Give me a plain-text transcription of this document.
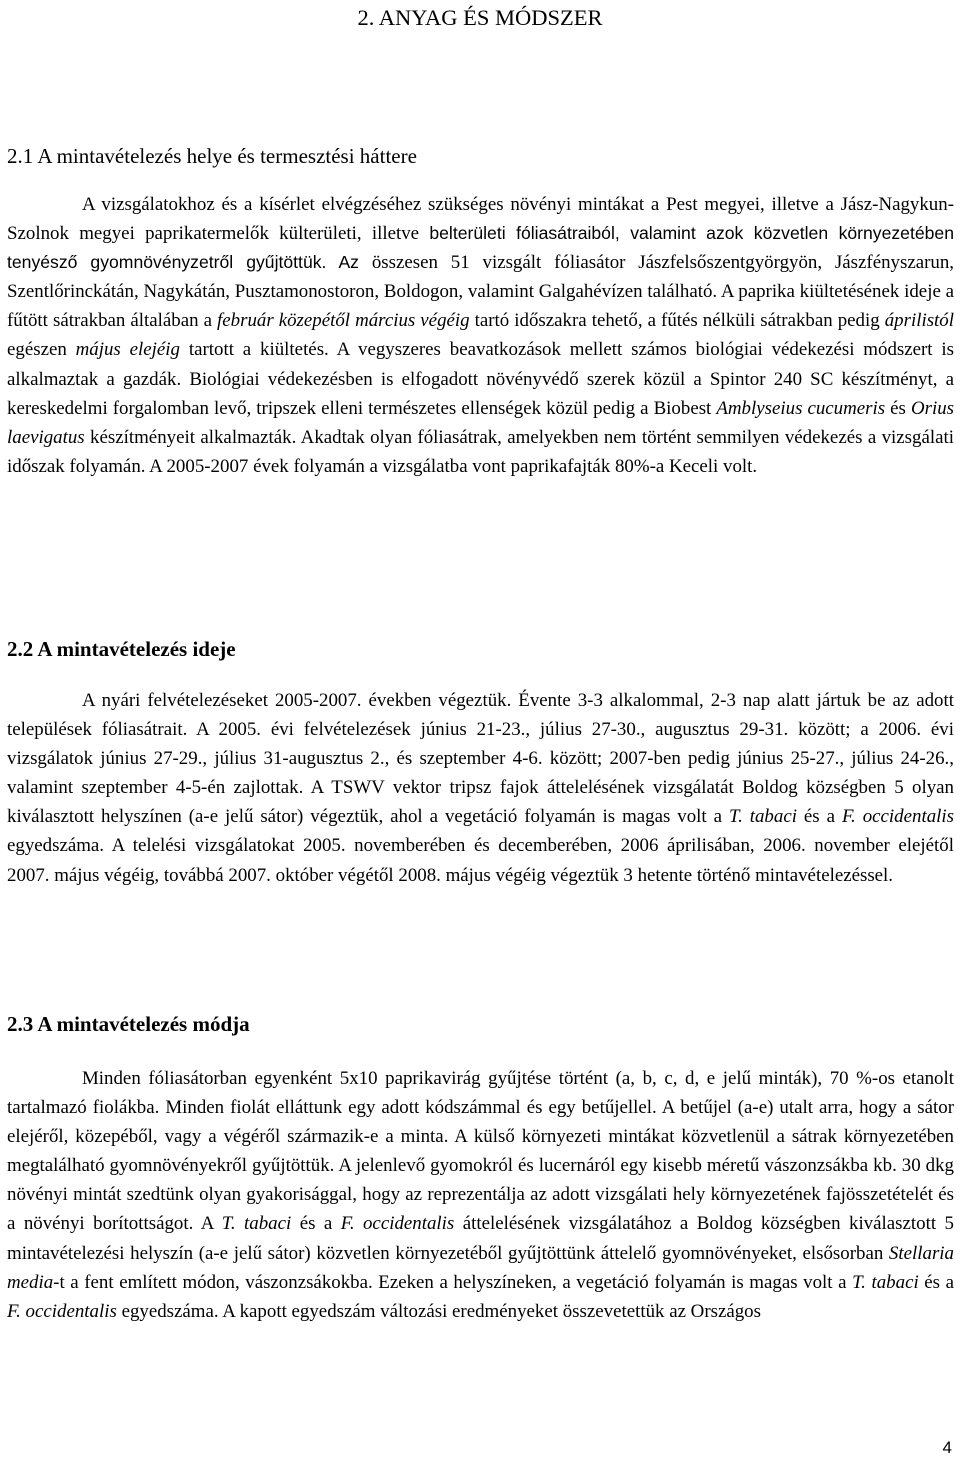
2. ANYAG ÉS MÓDSZER
2.1 A mintavételezés helye és termesztési háttere

A vizsgálatokhoz és a kísérlet elvégzéséhez szükséges növényi mintákat a Pest megyei, illetve a Jász-Nagykun-Szolnok megyei paprikatermelők külterületi, illetve belterületi fóliasátraiból, valamint azok közvetlen környezetében tenyésző gyomnövényzetről gyűjtöttük. Az összesen 51 vizsgált fóliasátor Jászfelsőszentgyörgyön, Jászfényszarun, Szentlőrinckátán, Nagykátán, Pusztamonostoron, Boldogon, valamint Galgahévízen található. A paprika kiültetésének ideje a fűtött sátrakban általában a február közepétől március végéig tartó időszakra tehető, a fűtés nélküli sátrakban pedig áprilistól egészen május elejéig tartott a kiültetés. A vegyszeres beavatkozások mellett számos biológiai védekezési módszert is alkalmaztak a gazdák. Biológiai védekezésben is elfogadott növényvédő szerek közül a Spintor 240 SC készítményt, a kereskedelmi forgalomban levő, tripszek elleni természetes ellenségek közül pedig a Biobest Amblyseius cucumeris és Orius laevigatus készítményeit alkalmazták. Akadtak olyan fóliasátrak, amelyekben nem történt semmilyen védekezés a vizsgálati időszak folyamán. A 2005-2007 évek folyamán a vizsgálatba vont paprikafajták 80%-a Keceli volt.

2.2 A mintavételezés ideje

A nyári felvételezéseket 2005-2007. években végeztük. Évente 3-3 alkalommal, 2-3 nap alatt jártuk be az adott települések fóliasátrait. A 2005. évi felvételezések június 21-23., július 27-30., augusztus 29-31. között; a 2006. évi vizsgálatok június 27-29., július 31-augusztus 2., és szeptember 4-6. között; 2007-ben pedig június 25-27., július 24-26., valamint szeptember 4-5-én zajlottak. A TSWV vektor tripsz fajok áttelelésének vizsgálatát Boldog községben 5 olyan kiválasztott helyszínen (a-e jelű sátor) végeztük, ahol a vegetáció folyamán is magas volt a T. tabaci és a F. occidentalis egyedszáma. A telelési vizsgálatokat 2005. novemberében és decemberében, 2006 áprilisában, 2006. november elejétől 2007. május végéig, továbbá 2007. október végétől 2008. május végéig végeztük 3 hetente történő mintavételezéssel.

2.3 A mintavételezés módja

Minden fóliasátorban egyenként 5x10 paprikavirág gyűjtése történt (a, b, c, d, e jelű minták), 70 %-os etanolt tartalmazó fiolákba. Minden fiolát elláttunk egy adott kódszámmal és egy betűjellel. A betűjel (a-e) utalt arra, hogy a sátor elejéről, közepéből, vagy a végéről származik-e a minta. A külső környezeti mintákat közvetlenül a sátrak környezetében megtalálható gyomnövényekről gyűjtöttük. A jelenlevő gyomokról és lucernáról egy kisebb méretű vászonzsákba kb. 30 dkg növényi mintát szedtünk olyan gyakorisággal, hogy az reprezentálja az adott vizsgálati hely környezetének fajösszetételét és a növényi borítottságot. A T. tabaci és a F. occidentalis áttelelésének vizsgálatához a Boldog községben kiválasztott 5 mintavételezési helyszín (a-e jelű sátor) közvetlen környezetéből gyűjtöttünk áttelelő gyomnövényeket, elsősorban Stellaria media-t a fent említett módon, vászonzsákokba. Ezeken a helyszíneken, a vegetáció folyamán is magas volt a T. tabaci és a F. occidentalis egyedszáma. A kapott egyedszám változási eredményeket összevetettük az Országos

4
